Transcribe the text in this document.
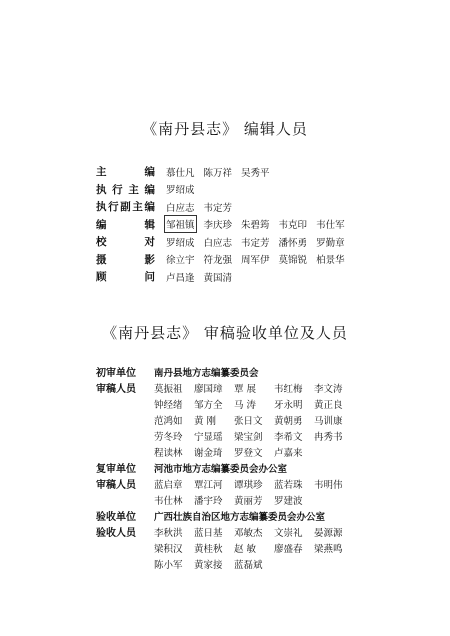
《南丹县志》 编辑人员
主	编 慕仕凡 陈万祥 吴秀平
执 行 主 编 罗绍成
执 行 副 主 编 白应志 韦定芳
编	辑 邹祖镇 李庆珍 朱碧筠 韦克印 韦仕军
校	对 罗绍成 白应志 韦定芳 潘怀勇 罗勤章
摄	影 徐立宇 符龙强 周军伊 莫锦锐 柏景华
顾	问 卢昌逢 黄国清
《南丹县志》 审稿验收单位及人员
初审单位	南丹县地方志编纂委员会
审稿人员	莫振祖	廖国璋	覃 展	韦红梅	李文涛
钟经绪	邹方全	马 涛	牙永明	黄正良
范鸿如	黄 刚	张日文	黄朝勇	马训康
劳冬玲	宁显瑶	梁宝剑	李希文	冉秀书
程读林	谢金琦	罗登文	卢嘉来
复审单位	河池市地方志编纂委员会办公室
审稿人员	蓝启章	覃江河	谭琪珍	蓝若珠	韦明伟
韦仕林	潘宇玲	黄丽芳	罗建波
验收单位	广西壮族自治区地方志编纂委员会办公室
验收人员	李秋洪	蓝日基	邓敏杰	文崇礼	晏源源
梁积汉	黄桂秋	赵 敏	廖盛春	梁燕鸣
陈小军	黄家接	蓝磊斌
